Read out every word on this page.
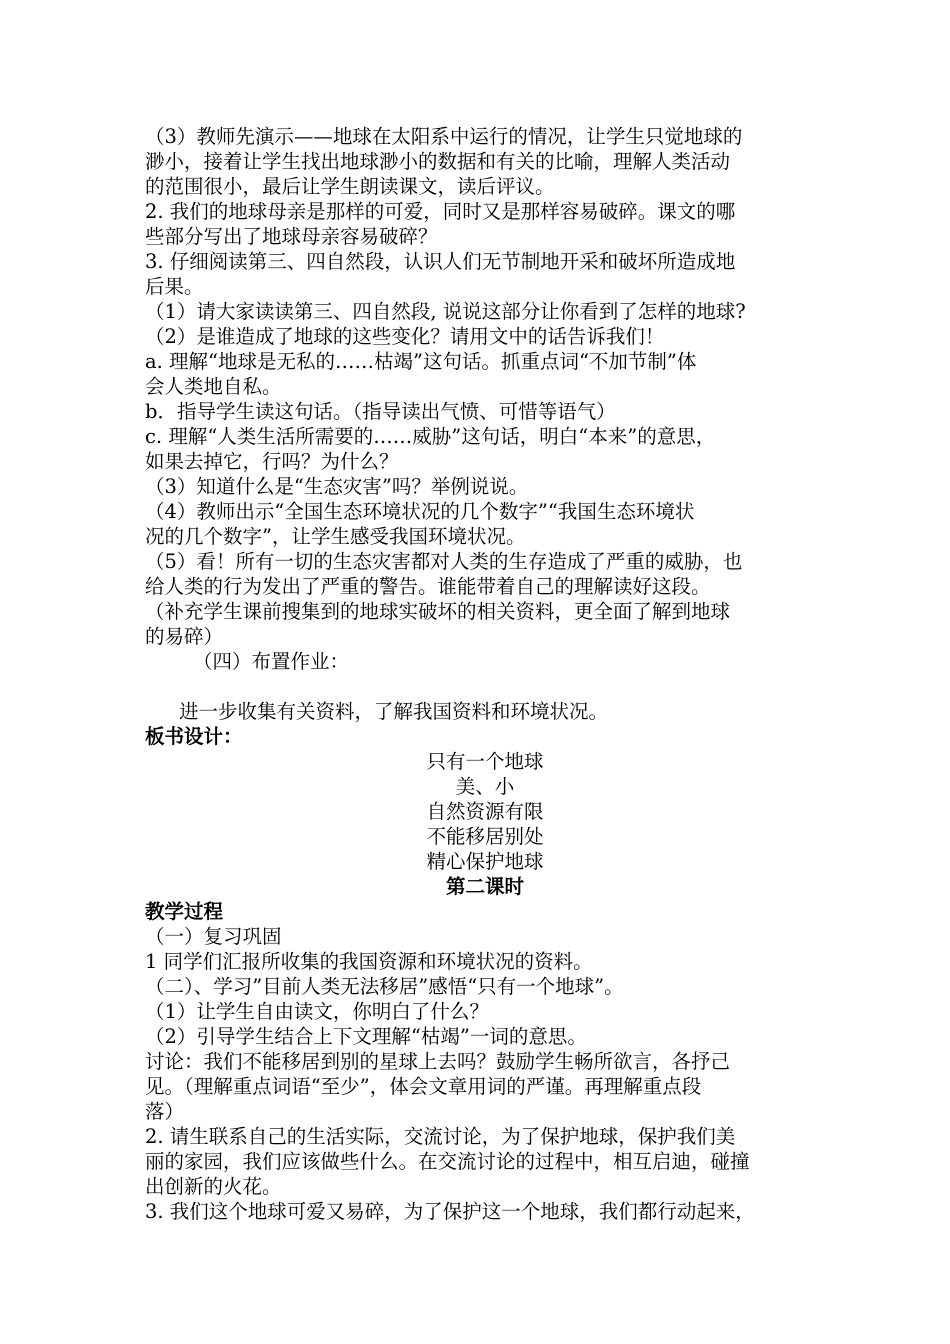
（3）教师先演示——地球在太阳系中运行的情况，让学生只觉地球的

渺小，接着让学生找出地球渺小的数据和有关的比喻，理解人类活动

的范围很小，最后让学生朗读课文，读后评议。

2. 我们的地球母亲是那样的可爱，同时又是那样容易破碎。课文的哪

些部分写出了地球母亲容易破碎？

3. 仔细阅读第三、四自然段，认识人们无节制地开采和破坏所造成地

后果。

（1）请大家读读第三、四自然段, 说说这部分让你看到了怎样的地球?

（2）是谁造成了地球的这些变化？请用文中的话告诉我们！

a. 理解“地球是无私的……枯竭”这句话。抓重点词“不加节制”体

会人类地自私。

b．指导学生读这句话。（指导读出气愤、可惜等语气）

c. 理解“人类生活所需要的……威胁”这句话，明白“本来”的意思，

如果去掉它，行吗？为什么？

（3）知道什么是“生态灾害”吗？举例说说。

（4）教师出示“全国生态环境状况的几个数字”“我国生态环境状

况的几个数字”，让学生感受我国环境状况。

（5）看！所有一切的生态灾害都对人类的生存造成了严重的威胁，也

给人类的行为发出了严重的警告。谁能带着自己的理解读好这段。

（补充学生课前搜集到的地球实破坏的相关资料，更全面了解到地球

的易碎）

（四）布置作业：

进一步收集有关资料，了解我国资料和环境状况。

板书设计：

只有一个地球

美、小

自然资源有限

不能移居别处

精心保护地球

第二课时

教学过程

（一）复习巩固

1 同学们汇报所收集的我国资源和环境状况的资料。

（二）、学习”目前人类无法移居”感悟“只有一个地球”。

（1）让学生自由读文，你明白了什么？

（2）引导学生结合上下文理解“枯竭”一词的意思。

讨论：我们不能移居到别的星球上去吗？鼓励学生畅所欲言，各抒己

见。（理解重点词语“至少”，体会文章用词的严谨。再理解重点段

落）

2. 请生联系自己的生活实际，交流讨论，为了保护地球，保护我们美

丽的家园，我们应该做些什么。在交流讨论的过程中，相互启迪，碰撞

出创新的火花。

3. 我们这个地球可爱又易碎，为了保护这一个地球，我们都行动起来，
